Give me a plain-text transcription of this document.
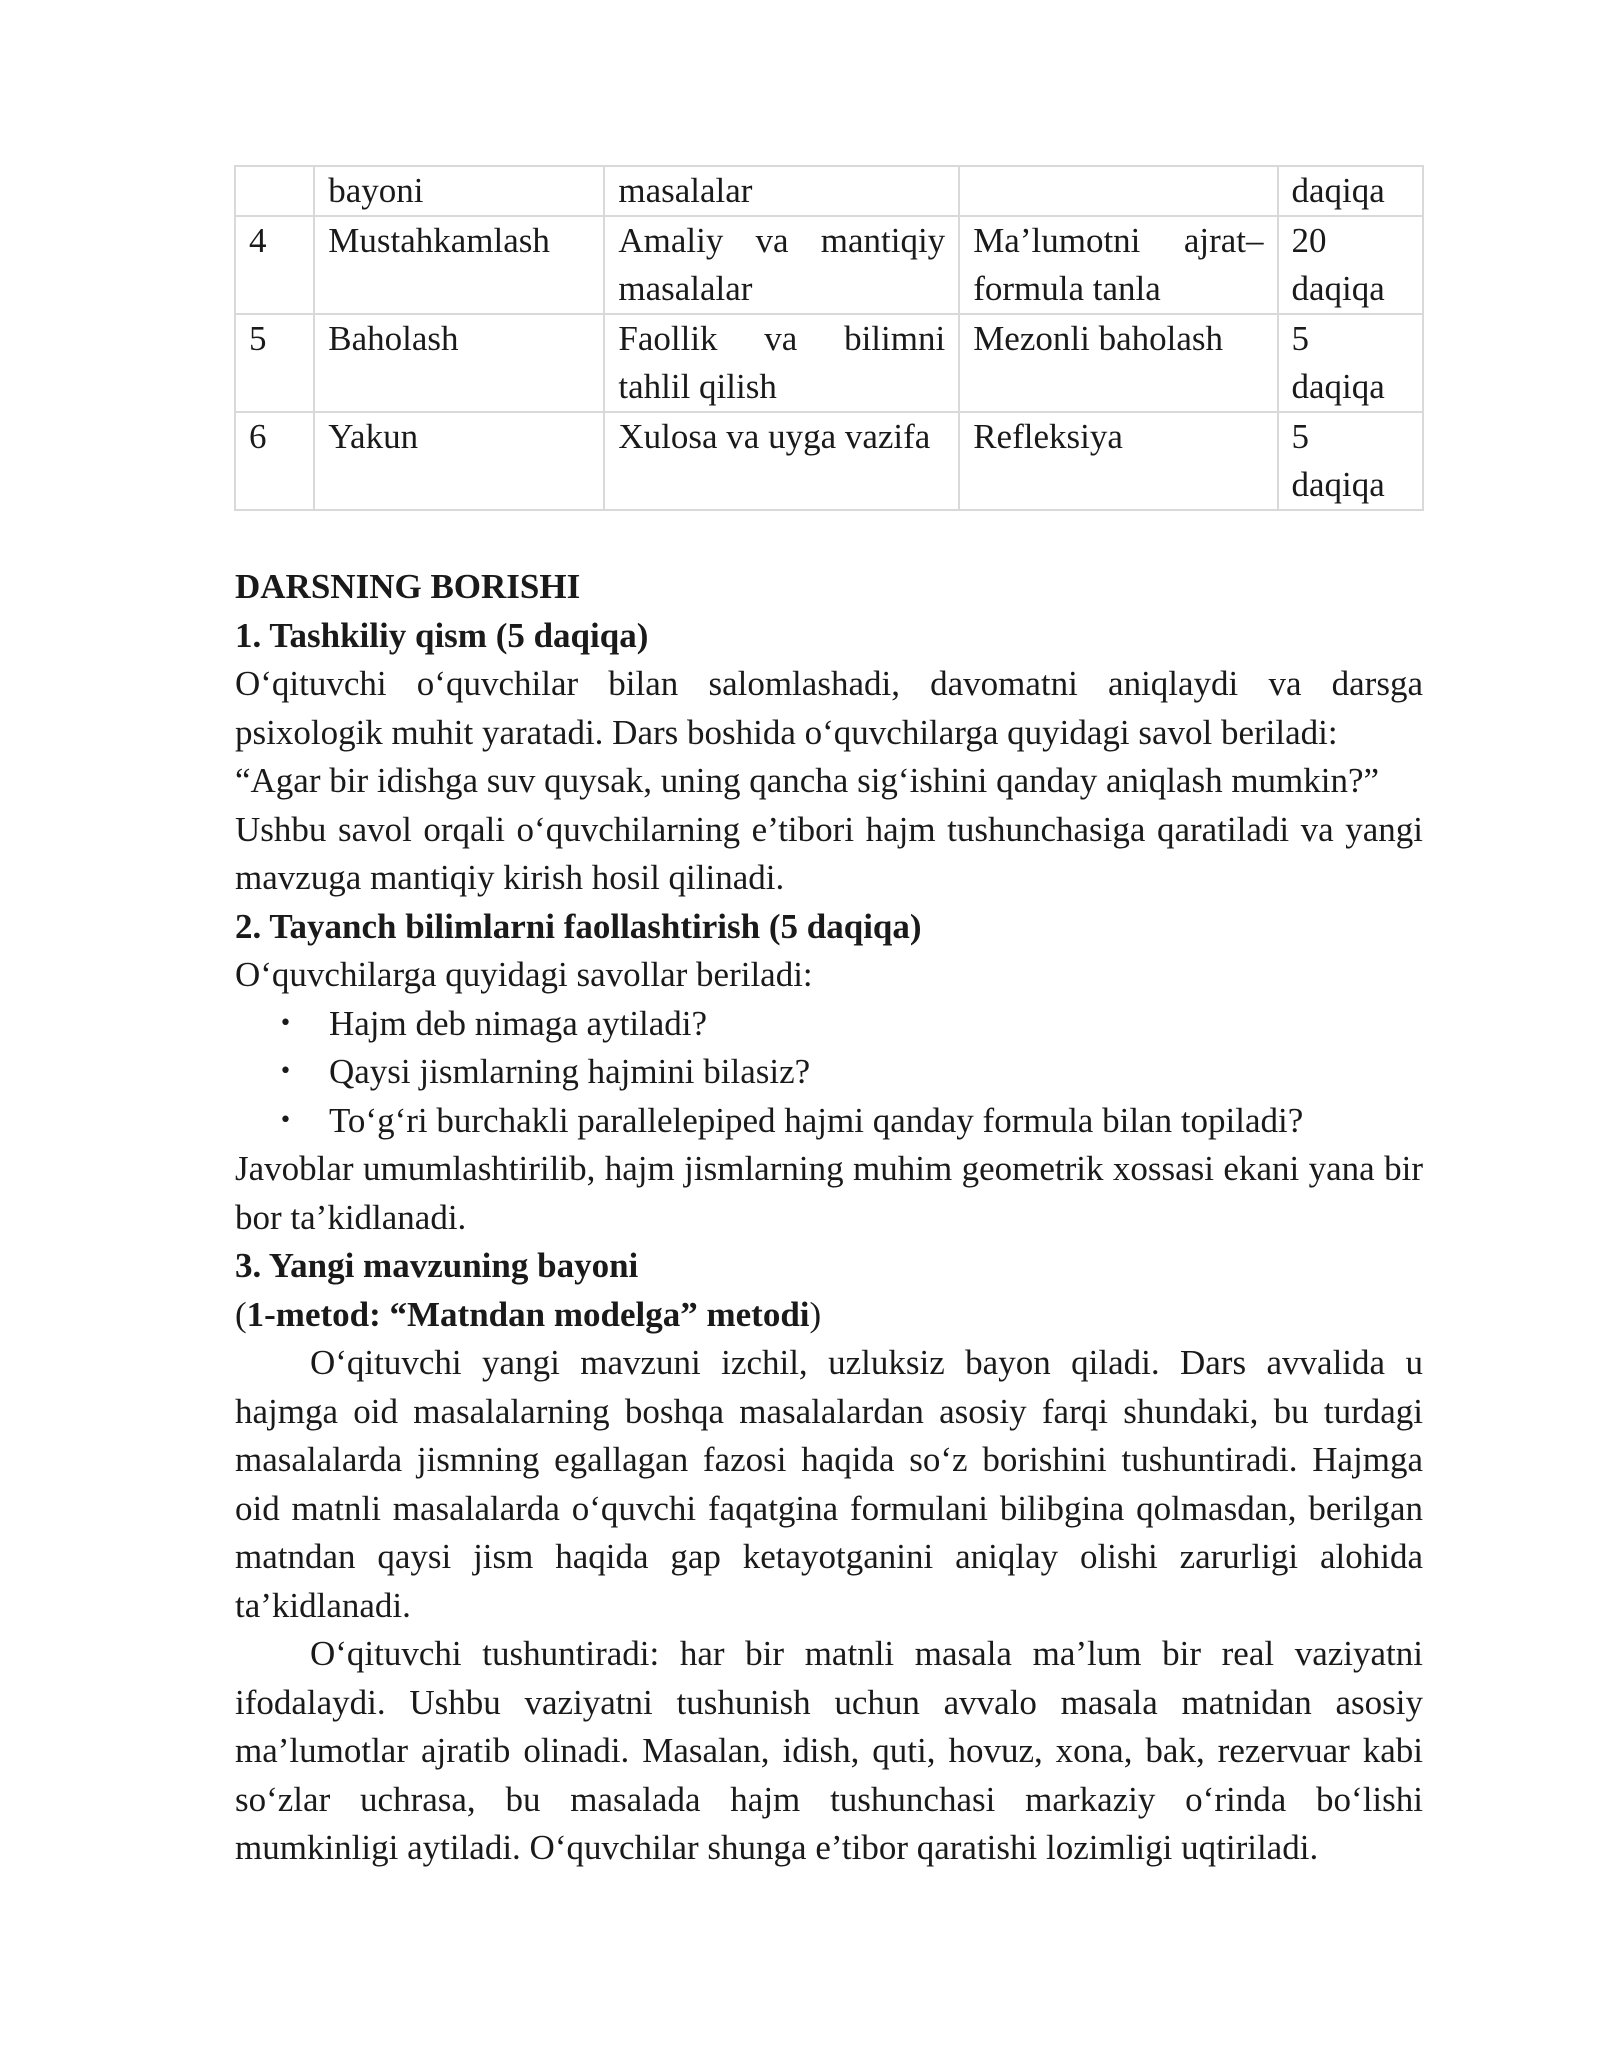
	bayoni	masalalar		daqiqa
4	Mustahkamlash	Amaliy va mantiqiy masalalar	Ma’lumotni ajrat–formula tanla	20 daqiqa
5	Baholash	Faollik va bilimni tahlil qilish	Mezonli baholash	5 daqiqa
6	Yakun	Xulosa va uyga vazifa	Refleksiya	5 daqiqa
DARSNING BORISHI
1. Tashkiliy qism (5 daqiqa)

O‘qituvchi o‘quvchilar bilan salomlashadi, davomatni aniqlaydi va darsga psixologik muhit yaratadi. Dars boshida o‘quvchilarga quyidagi savol beriladi:

“Agar bir idishga suv quysak, uning qancha sig‘ishini qanday aniqlash mumkin?”

Ushbu savol orqali o‘quvchilarning e’tibori hajm tushunchasiga qaratiladi va yangi mavzuga mantiqiy kirish hosil qilinadi.

2. Tayanch bilimlarni faollashtirish (5 daqiqa)

O‘quvchilarga quyidagi savollar beriladi:

• Hajm deb nimaga aytiladi?
• Qaysi jismlarning hajmini bilasiz?
• To‘g‘ri burchakli parallelepiped hajmi qanday formula bilan topiladi?

Javoblar umumlashtirilib, hajm jismlarning muhim geometrik xossasi ekani yana bir bor ta’kidlanadi.

3. Yangi mavzuning bayoni
(1-metod: “Matndan modelga” metodi)

O‘qituvchi yangi mavzuni izchil, uzluksiz bayon qiladi. Dars avvalida u hajmga oid masalalarning boshqa masalalardan asosiy farqi shundaki, bu turdagi masalalarda jismning egallagan fazosi haqida so‘z borishini tushuntiradi. Hajmga oid matnli masalalarda o‘quvchi faqatgina formulani bilibgina qolmasdan, berilgan matndan qaysi jism haqida gap ketayotganini aniqlay olishi zarurligi alohida ta’kidlanadi.

O‘qituvchi tushuntiradi: har bir matnli masala ma’lum bir real vaziyatni ifodalaydi. Ushbu vaziyatni tushunish uchun avvalo masala matnidan asosiy ma’lumotlar ajratib olinadi. Masalan, idish, quti, hovuz, xona, bak, rezervuar kabi so‘zlar uchrasa, bu masalada hajm tushunchasi markaziy o‘rinda bo‘lishi mumkinligi aytiladi. O‘quvchilar shunga e’tibor qaratishi lozimligi uqtiriladi.
